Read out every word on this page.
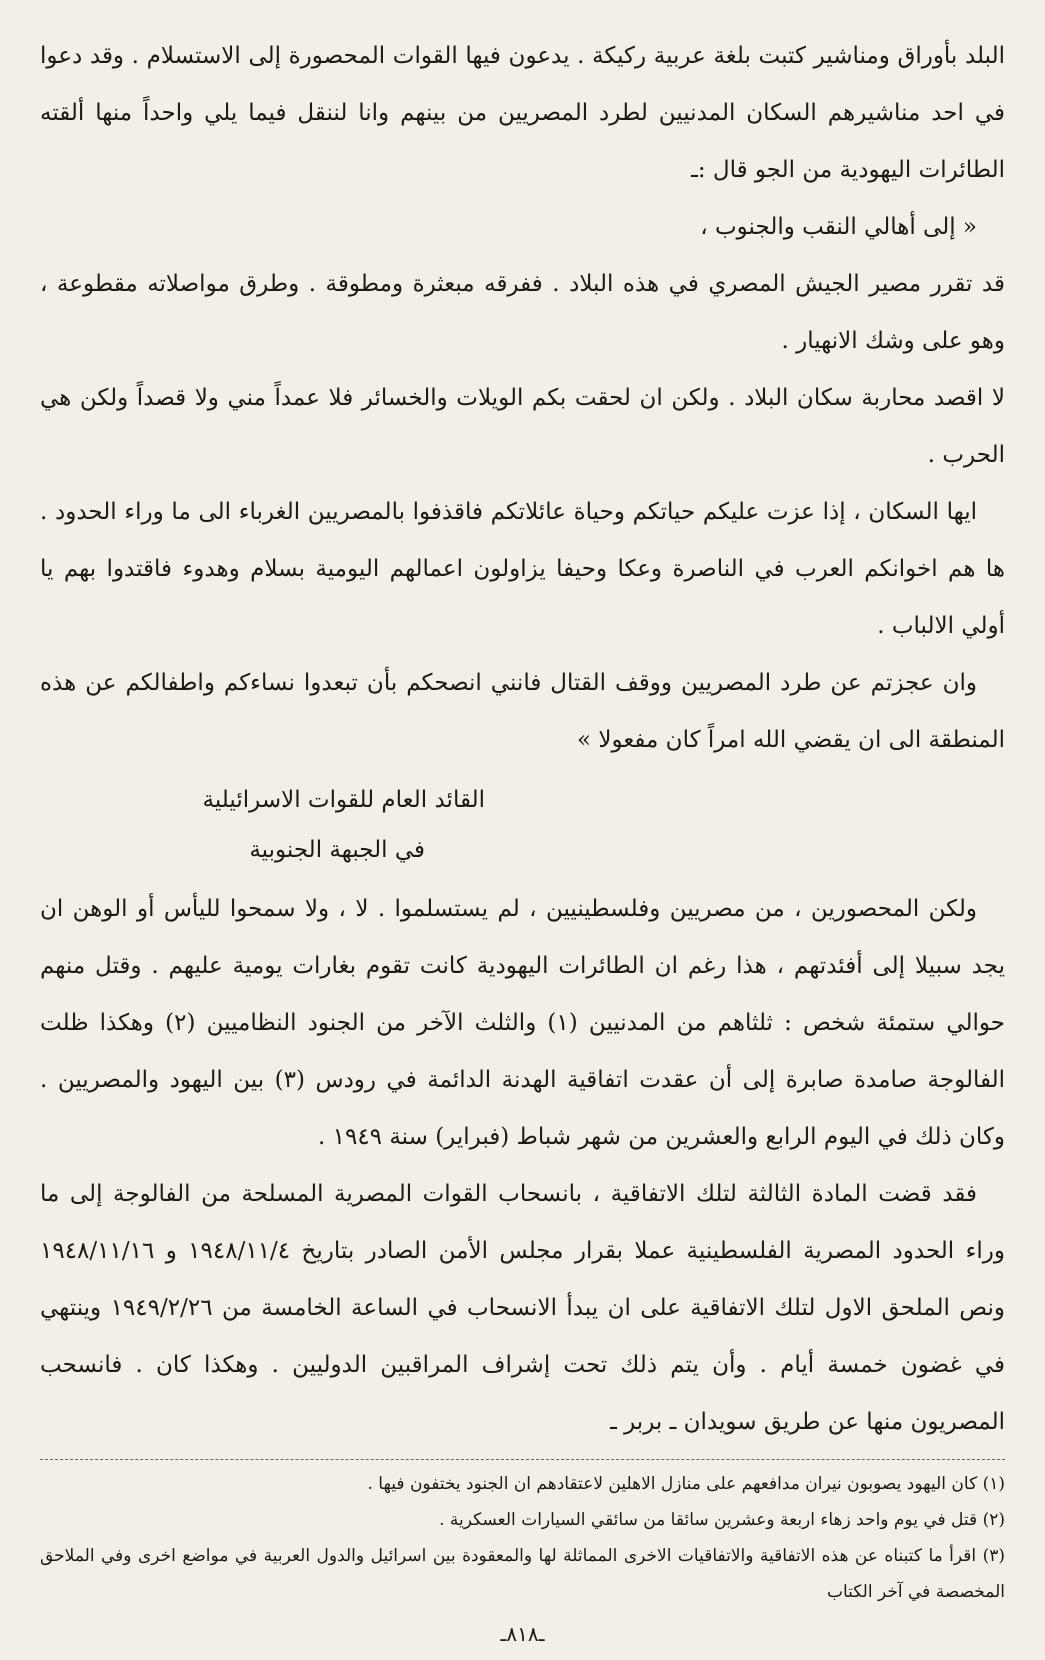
البلد بأوراق ومناشير كتبت بلغة عربية ركيكة . يدعون فيها القوات المحصورة إلى الاستسلام . وقد دعوا في احد مناشيرهم السكان المدنيين لطرد المصريين من بينهم وانا لننقل فيما يلي واحداً منها ألقته الطائرات اليهودية من الجو قال :ـ

« إلى أهالي النقب والجنوب ،

قد تقرر مصير الجيش المصري في هذه البلاد . ففرقه مبعثرة ومطوقة . وطرق مواصلاته مقطوعة ، وهو على وشك الانهيار .

لا اقصد محاربة سكان البلاد . ولكن ان لحقت بكم الويلات والخسائر فلا عمداً مني ولا قصداً ولكن هي الحرب .

ايها السكان ، إذا عزت عليكم حياتكم وحياة عائلاتكم فاقذفوا بالمصريين الغرباء الى ما وراء الحدود . ها هم اخوانكم العرب في الناصرة وعكا وحيفا يزاولون اعمالهم اليومية بسلام وهدوء فاقتدوا بهم يا أولي الالباب .

وان عجزتم عن طرد المصريين ووقف القتال فانني انصحكم بأن تبعدوا نساءكم واطفالكم عن هذه المنطقة الى ان يقضي الله امراً كان مفعولا »

القائد العام للقوات الاسرائيلية
في الجبهة الجنوبية

ولكن المحصورين ، من مصريين وفلسطينيين ، لم يستسلموا . لا ، ولا سمحوا لليأس أو الوهن ان يجد سبيلا إلى أفئدتهم ، هذا رغم ان الطائرات اليهودية كانت تقوم بغارات يومية عليهم . وقتل منهم حوالي ستمئة شخص : ثلثاهم من المدنيين (١) والثلث الآخر من الجنود النظاميين (٢) وهكذا ظلت الفالوجة صامدة صابرة إلى أن عقدت اتفاقية الهدنة الدائمة في رودس (٣) بين اليهود والمصريين . وكان ذلك في اليوم الرابع والعشرين من شهر شباط (فبراير) سنة ١٩٤٩ .

فقد قضت المادة الثالثة لتلك الاتفاقية ، بانسحاب القوات المصرية المسلحة من الفالوجة إلى ما وراء الحدود المصرية الفلسطينية عملا بقرار مجلس الأمن الصادر بتاريخ ١٩٤٨/١١/٤ و ١٩٤٨/١١/١٦ ونص الملحق الاول لتلك الاتفاقية على ان يبدأ الانسحاب في الساعة الخامسة من ١٩٤٩/٢/٢٦ وينتهي في غضون خمسة أيام . وأن يتم ذلك تحت إشراف المراقبين الدوليين . وهكذا كان . فانسحب المصريون منها عن طريق سويدان ـ بربر ـ

(١) كان اليهود يصوبون نيران مدافعهم على منازل الاهلين لاعتقادهم ان الجنود يختفون فيها .

(٢) قتل في يوم واحد زهاء اربعة وعشرين سائقا من سائقي السيارات العسكرية .

(٣) اقرأ ما كتبناه عن هذه الاتفاقية والاتفاقيات الاخرى المماثلة لها والمعقودة بين اسرائيل والدول العربية في مواضع اخرى وفي الملاحق المخصصة في آخر الكتاب

ـ٨١٨ـ
